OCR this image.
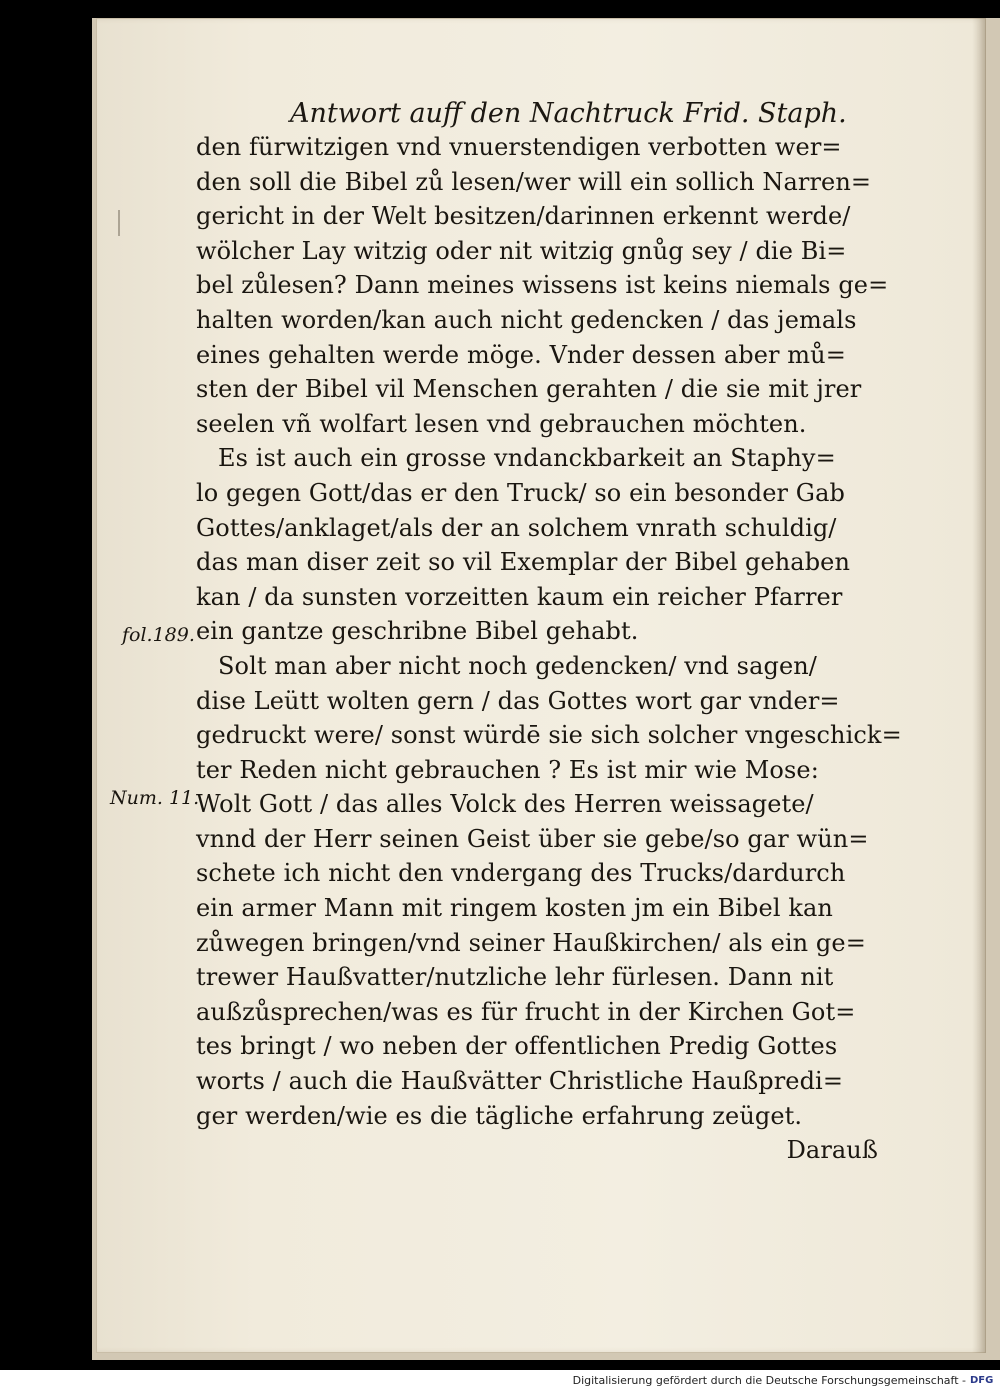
Antwort auff den Nachtruck Frid. Staph.
den fürwitzigen vnd vnuerstendigen verbotten wer=
den soll die Bibel zů lesen/wer will ein sollich Narren=
gericht in der Welt besitzen/darinnen erkennt werde/
wölcher Lay witzig oder nit witzig gnůg sey / die Bi=
bel zůlesen? Dann meines wissens ist keins niemals ge=
halten worden/kan auch nicht gedencken / das jemals
eines gehalten werde möge. Vnder dessen aber mů=
sten der Bibel vil Menschen gerahten / die sie mit jrer
seelen vñ wolfart lesen vnd gebrauchen möchten.
Es ist auch ein grosse vndanckbarkeit an Staphy=
lo gegen Gott/das er den Truck/ so ein besonder Gab
Gottes/anklaget/als der an solchem vnrath schuldig/
das man diser zeit so vil Exemplar der Bibel gehaben
kan / da sunsten vorzeitten kaum ein reicher Pfarrer
ein gantze geschribne Bibel gehabt.
Solt man aber nicht noch gedencken/ vnd sagen/
dise Leütt wolten gern / das Gottes wort gar vnder=
gedruckt were/ sonst würdē sie sich solcher vngeschick=
ter Reden nicht gebrauchen ? Es ist mir wie Mose:
Wolt Gott / das alles Volck des Herren weissagete/
vnnd der Herr seinen Geist über sie gebe/so gar wün=
schete ich nicht den vndergang des Trucks/dardurch
ein armer Mann mit ringem kosten jm ein Bibel kan
zůwegen bringen/vnd seiner Haußkirchen/ als ein ge=
trewer Haußvatter/nutzliche lehr fürlesen. Dann nit
außzůsprechen/was es für frucht in der Kirchen Got=
tes bringt / wo neben der offentlichen Predig Gottes
worts / auch die Haußvätter Christliche Haußpredi=
ger werden/wie es die tägliche erfahrung zeüget.
Darauß
fol.189.
Num. 11.
Digitalisierung gefördert durch die Deutsche Forschungsgemeinschaft - DFG
